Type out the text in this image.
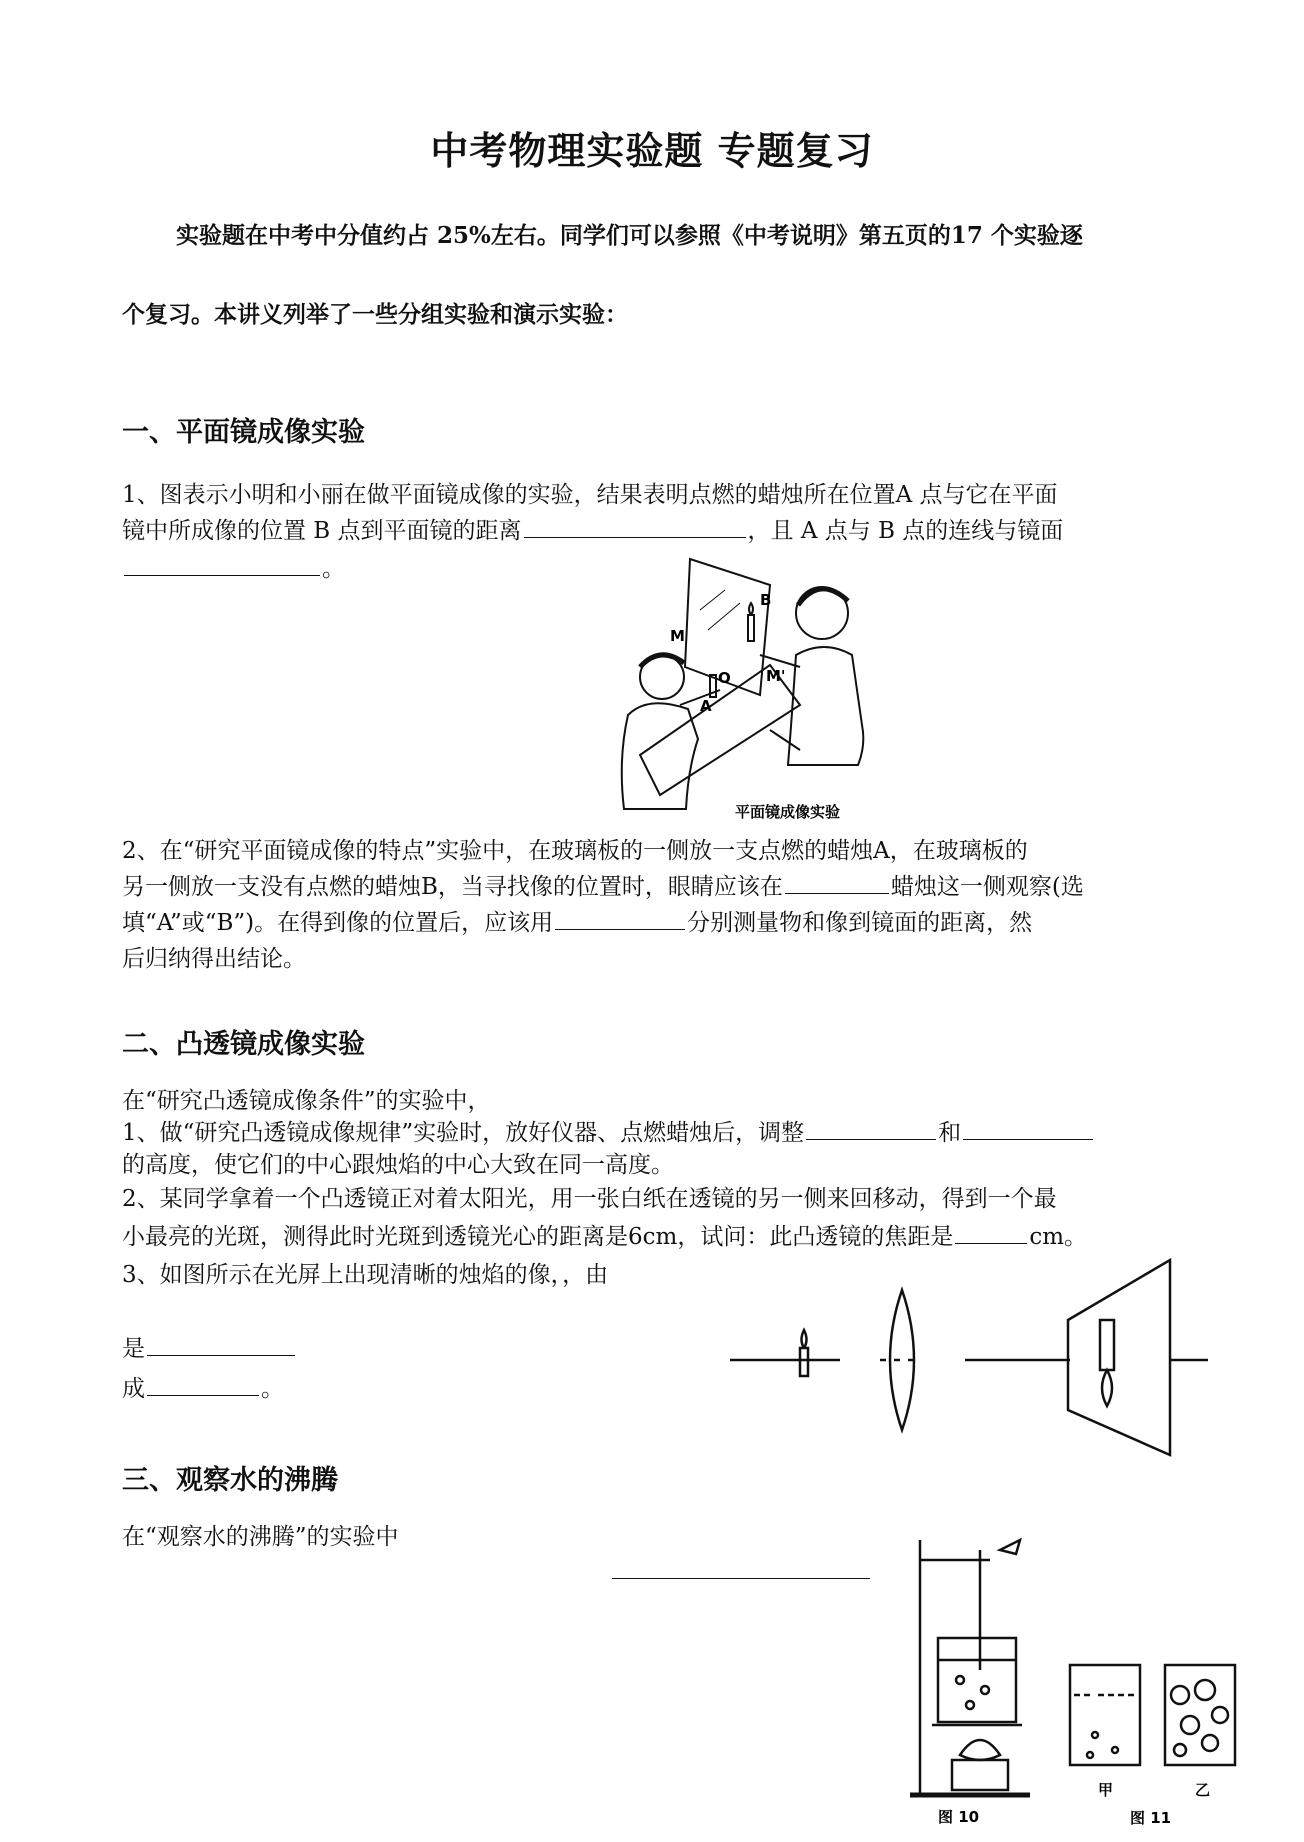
中考物理实验题 专题复习
实验题在中考中分值约占 25%左右。同学们可以参照《中考说明》第五页的17 个实验逐
个复习。本讲义列举了一些分组实验和演示实验：
一、平面镜成像实验
1、图表示小明和小丽在做平面镜成像的实验，结果表明点燃的蜡烛所在位置A 点与它在平面
镜中所成像的位置 B 点到平面镜的距离	，且 A 点与 B 点的连线与镜面
。
M
B
O
A
M'
平面镜成像实验
2、在“研究平面镜成像的特点”实验中，在玻璃板的一侧放一支点燃的蜡烛A，在玻璃板的
另一侧放一支没有点燃的蜡烛B，当寻找像的位置时，眼睛应该在	蜡烛这一侧观察(选
填“A”或“B”)。在得到像的位置后，应该用	分别测量物和像到镜面的距离，然
后归纳得出结论。
二、凸透镜成像实验
在“研究凸透镜成像条件”的实验中，
1、做“研究凸透镜成像规律”实验时，放好仪器、点燃蜡烛后，调整	和
的高度，使它们的中心跟烛焰的中心大致在同一高度。
2、某同学拿着一个凸透镜正对着太阳光，用一张白纸在透镜的另一侧来回移动，得到一个最
小最亮的光斑，测得此时光斑到透镜光心的距离是6cm，试问：此凸透镜的焦距是	cm。
3、如图所示在光屏上出现清晰的烛焰的像，，由
是
成	。
三、观察水的沸腾
在“观察水的沸腾”的实验中
图 10
甲	乙
图 11
